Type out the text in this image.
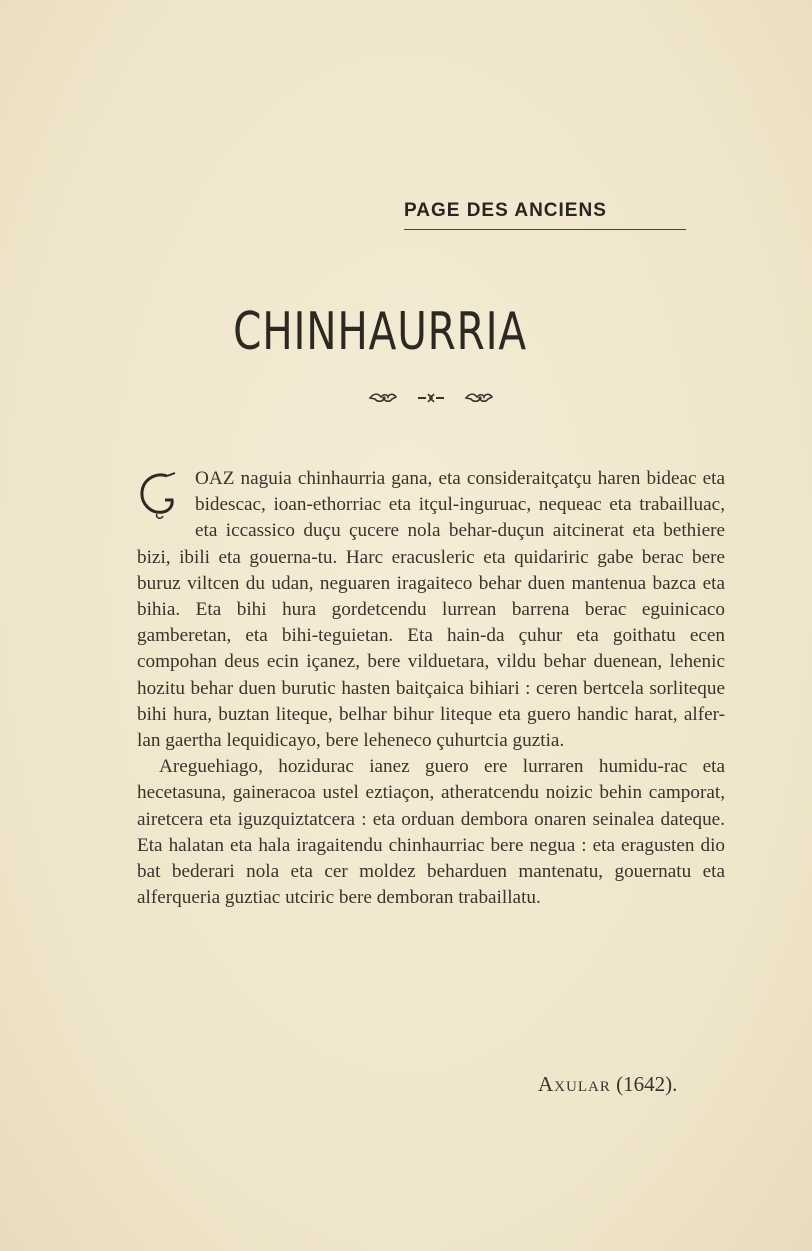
PAGE DES ANCIENS
CHINHAURRIA

OAZ naguia chinhaurria gana, eta consideraitçatçu haren bideac eta bidescac, ioan-ethorriac eta itçul-inguruac, nequeac eta trabailluac, eta iccassico duçu çucere nola behar-duçun aitcinerat eta bethiere bizi, ibili eta gouerna-tu. Harc eracusleric eta quidariric gabe berac bere buruz viltcen du udan, neguaren iragaiteco behar duen mantenua bazca eta bihia. Eta bihi hura gordetcendu lurrean barrena berac eguinicaco gamberetan, eta bihi-teguietan. Eta hain-da çuhur eta goithatu ecen compohan deus ecin içanez, bere vilduetara, vildu behar duenean, lehenic hozitu behar duen burutic hasten baitçaica bihiari : ceren bertcela sorliteque bihi hura, buztan liteque, belhar bihur liteque eta guero handic harat, alfer-lan gaertha lequidicayo, bere leheneco çuhurtcia guztia.

Areguehiago, hozidurac ianez guero ere lurraren humidu-rac eta hecetasuna, gaineracoa ustel eztiaçon, atheratcendu noizic behin camporat, airetcera eta iguzquiztatcera : eta orduan dembora onaren seinalea dateque. Eta halatan eta hala iragaitendu chinhaurriac bere negua : eta eragusten dio bat bederari nola eta cer moldez beharduen mantenatu, gouernatu eta alferqueria guztiac utciric bere demboran trabaillatu.

Axular (1642).
